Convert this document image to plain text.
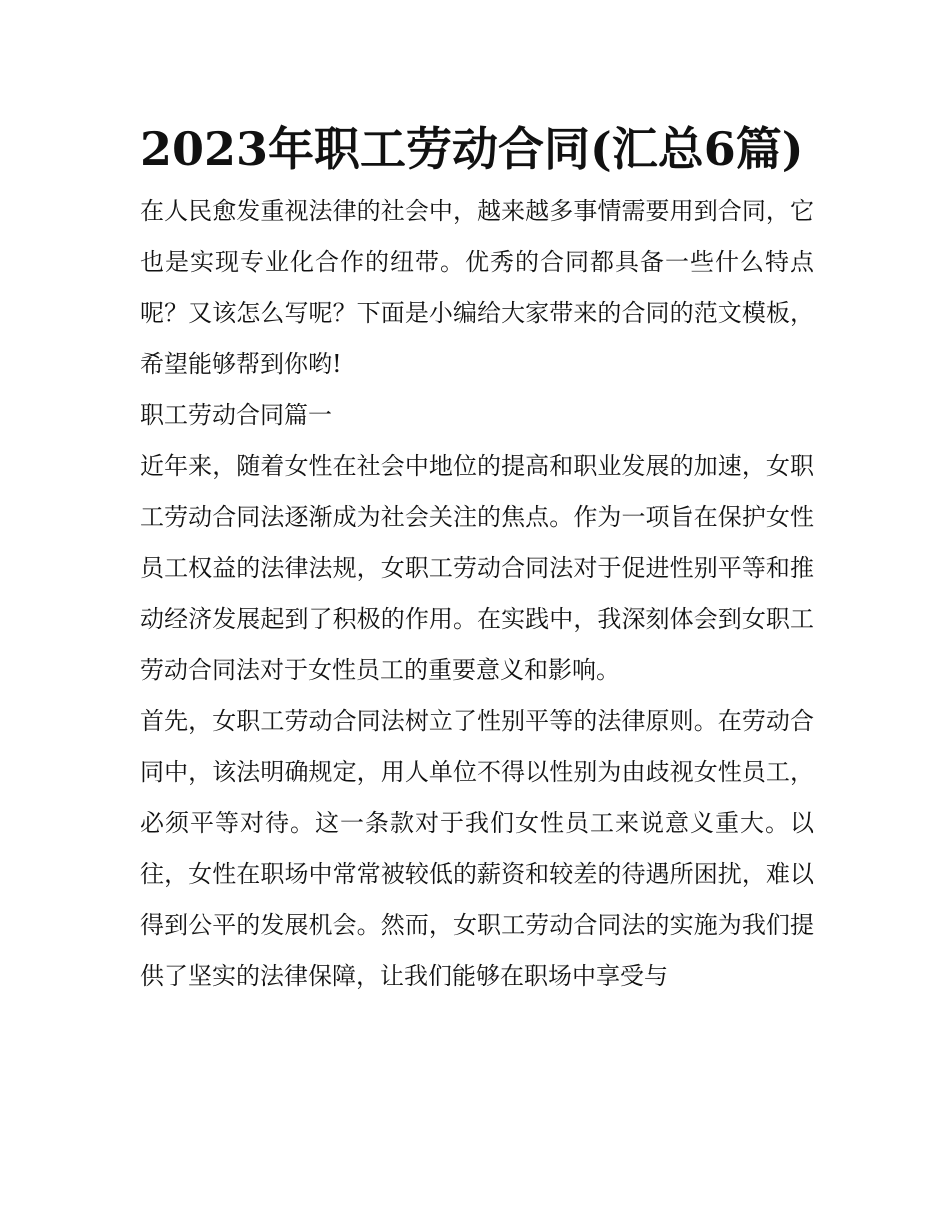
2023年职工劳动合同(汇总6篇)

在人民愈发重视法律的社会中，越来越多事情需要用到合同，它也是实现专业化合作的纽带。优秀的合同都具备一些什么特点呢？又该怎么写呢？下面是小编给大家带来的合同的范文模板，希望能够帮到你哟!

职工劳动合同篇一

近年来，随着女性在社会中地位的提高和职业发展的加速，女职工劳动合同法逐渐成为社会关注的焦点。作为一项旨在保护女性员工权益的法律法规，女职工劳动合同法对于促进性别平等和推动经济发展起到了积极的作用。在实践中，我深刻体会到女职工劳动合同法对于女性员工的重要意义和影响。

首先，女职工劳动合同法树立了性别平等的法律原则。在劳动合同中，该法明确规定，用人单位不得以性别为由歧视女性员工，必须平等对待。这一条款对于我们女性员工来说意义重大。以往，女性在职场中常常被较低的薪资和较差的待遇所困扰，难以得到公平的发展机会。然而，女职工劳动合同法的实施为我们提供了坚实的法律保障，让我们能够在职场中享受与
